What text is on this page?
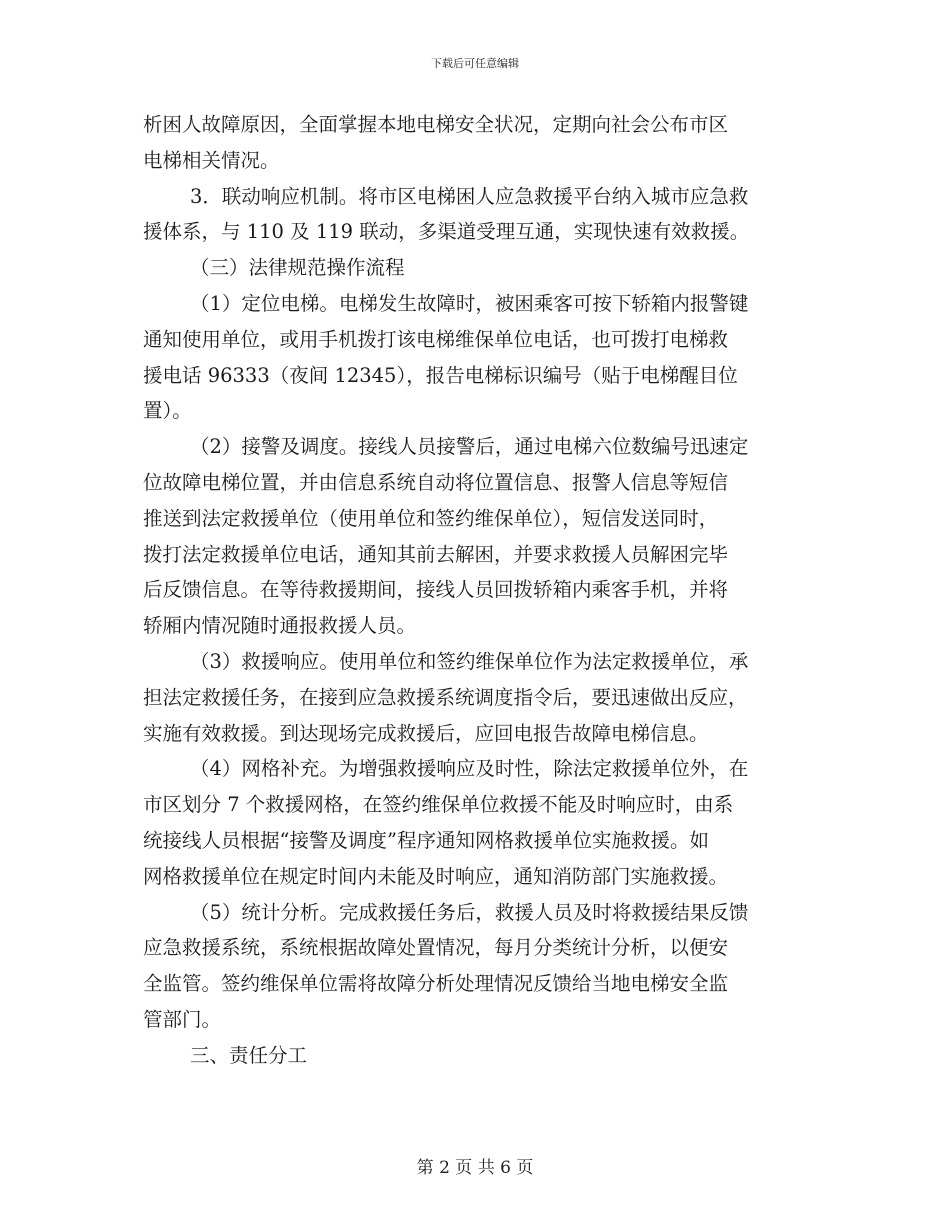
下载后可任意编辑
析困人故障原因，全面掌握本地电梯安全状况，定期向社会公布市区
电梯相关情况。
3．联动响应机制。将市区电梯困人应急救援平台纳入城市应急救
援体系，与 110 及 119 联动，多渠道受理互通，实现快速有效救援。
（三）法律规范操作流程
（1）定位电梯。电梯发生故障时，被困乘客可按下轿箱内报警键
通知使用单位，或用手机拨打该电梯维保单位电话，也可拨打电梯救
援电话 96333（夜间 12345），报告电梯标识编号（贴于电梯醒目位
置）。
（2）接警及调度。接线人员接警后，通过电梯六位数编号迅速定
位故障电梯位置，并由信息系统自动将位置信息、报警人信息等短信
推送到法定救援单位（使用单位和签约维保单位），短信发送同时，
拨打法定救援单位电话，通知其前去解困，并要求救援人员解困完毕
后反馈信息。在等待救援期间，接线人员回拨轿箱内乘客手机，并将
轿厢内情况随时通报救援人员。
（3）救援响应。使用单位和签约维保单位作为法定救援单位，承
担法定救援任务，在接到应急救援系统调度指令后，要迅速做出反应，
实施有效救援。到达现场完成救援后，应回电报告故障电梯信息。
（4）网格补充。为增强救援响应及时性，除法定救援单位外，在
市区划分 7 个救援网格，在签约维保单位救援不能及时响应时，由系
统接线人员根据“接警及调度”程序通知网格救援单位实施救援。如
网格救援单位在规定时间内未能及时响应，通知消防部门实施救援。
（5）统计分析。完成救援任务后，救援人员及时将救援结果反馈
应急救援系统，系统根据故障处置情况，每月分类统计分析，以便安
全监管。签约维保单位需将故障分析处理情况反馈给当地电梯安全监
管部门。
三、责任分工
第 2 页 共 6 页
